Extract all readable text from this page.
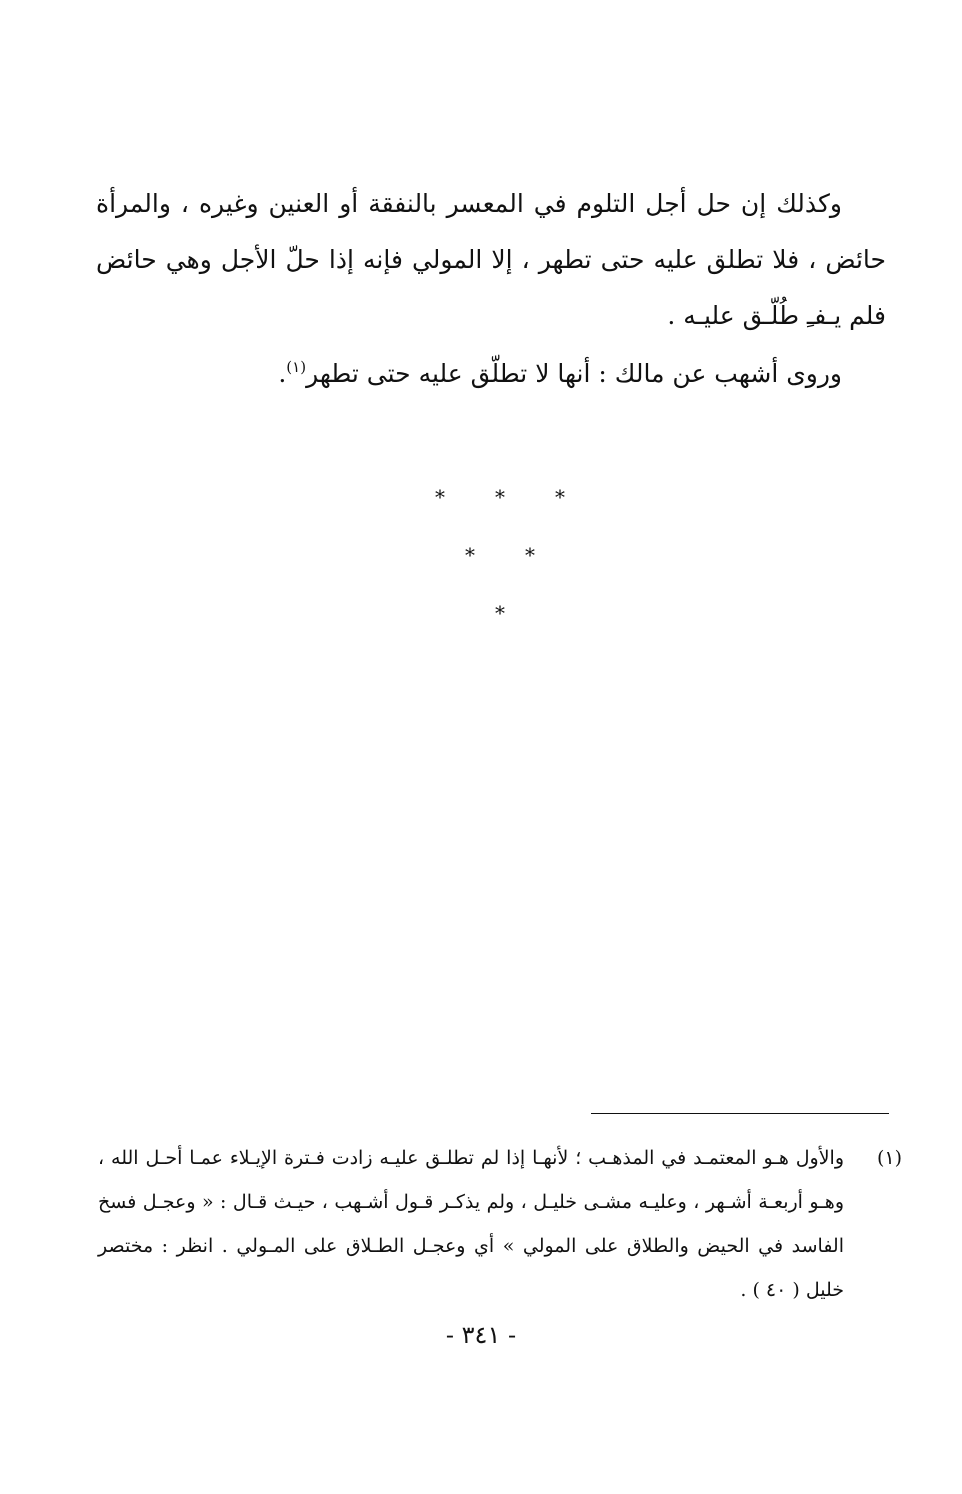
وكذلك إن حل أجل التلوم في المعسر بالنفقة أو العنين وغيره ، والمرأة حائض ، فلا تطلق عليه حتى تطهر ، إلا المولي فإنه إذا حلّ الأجل وهي حائض فلم يـفـِ طُلّـق عليـه .

وروى أشهب عن مالك : أنها لا تطلّق عليه حتى تطهر$^{(١)}$.

*	*	*
*	*
*
(١)
والأول هـو المعتمـد في المذهـب ؛ لأنهـا إذا لم تطلـق عليـه زادت فـترة الإيـلاء عمـا أحـل الله ، وهـو أربعـة أشـهر ، وعليـه مشـى خليـل ، ولم يذكـر قـول أشـهب ، حيـث قـال : « وعجـل فسخ الفاسد في الحيض والطلاق على المولي » أي وعجـل الطـلاق على المـولي . انظر : مختصر خليل ( ٤٠ ) .
- ٣٤١ -
